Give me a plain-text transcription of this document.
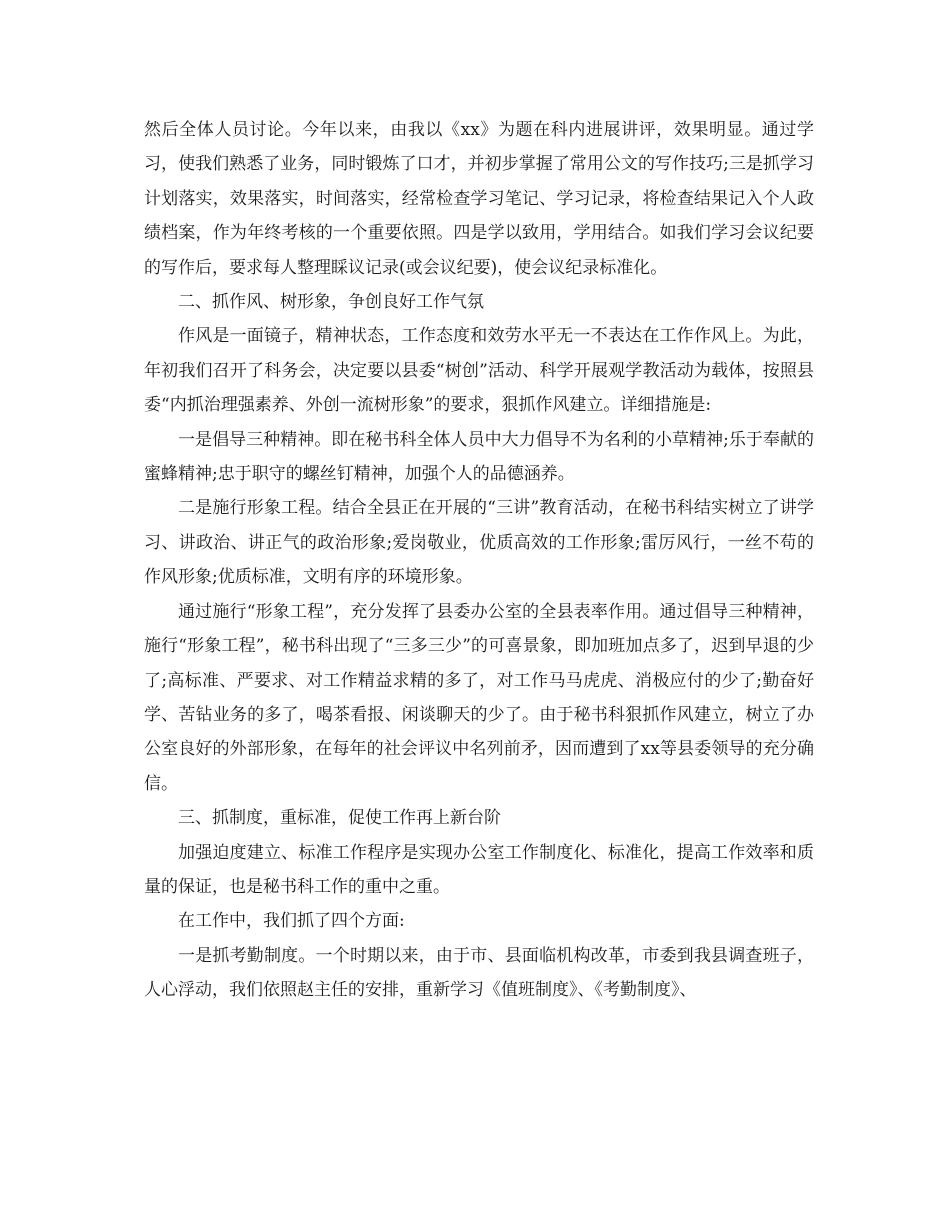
然后全体人员讨论。今年以来，由我以《xx》为题在科内进展讲评，效果明显。通过学习，使我们熟悉了业务，同时锻炼了口才，并初步掌握了常用公文的写作技巧;三是抓学习计划落实，效果落实，时间落实，经常检查学习笔记、学习记录，将检查结果记入个人政绩档案，作为年终考核的一个重要依照。四是学以致用，学用结合。如我们学习会议纪要的写作后，要求每人整理睬议记录(或会议纪要)，使会议纪录标准化。

二、抓作风、树形象，争创良好工作气氛

作风是一面镜子，精神状态，工作态度和效劳水平无一不表达在工作作风上。为此，年初我们召开了科务会，决定要以县委“树创”活动、科学开展观学教活动为载体，按照县委“内抓治理强素养、外创一流树形象”的要求，狠抓作风建立。详细措施是:

一是倡导三种精神。即在秘书科全体人员中大力倡导不为名利的小草精神;乐于奉献的蜜蜂精神;忠于职守的螺丝钉精神，加强个人的品德涵养。

二是施行形象工程。结合全县正在开展的“三讲”教育活动，在秘书科结实树立了讲学习、讲政治、讲正气的政治形象;爱岗敬业，优质高效的工作形象;雷厉风行，一丝不苟的作风形象;优质标准，文明有序的环境形象。

通过施行“形象工程”，充分发挥了县委办公室的全县表率作用。通过倡导三种精神，施行“形象工程”，秘书科出现了“三多三少”的可喜景象，即加班加点多了，迟到早退的少了;高标准、严要求、对工作精益求精的多了，对工作马马虎虎、消极应付的少了;勤奋好学、苦钻业务的多了，喝茶看报、闲谈聊天的少了。由于秘书科狠抓作风建立，树立了办公室良好的外部形象，在每年的社会评议中名列前矛，因而遭到了xx等县委领导的充分确信。

三、抓制度，重标准，促使工作再上新台阶

加强迫度建立、标准工作程序是实现办公室工作制度化、标准化，提高工作效率和质量的保证，也是秘书科工作的重中之重。

在工作中，我们抓了四个方面:

一是抓考勤制度。一个时期以来，由于市、县面临机构改革，市委到我县调查班子，人心浮动，我们依照赵主任的安排，重新学习《值班制度》、《考勤制度》、
